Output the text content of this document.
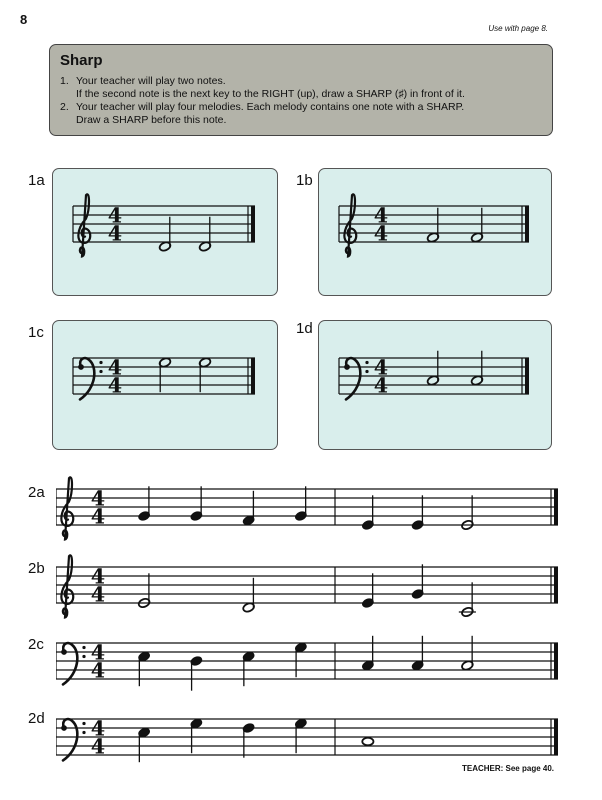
8
Use with page 8.
Sharp

1. Your teacher will play two notes.
If the second note is the next key to the RIGHT (up), draw a SHARP (♯) in front of it.

2. Your teacher will play four melodies. Each melody contains one note with a SHARP.
Draw a SHARP before this note.

1a
4
4
1b
4
4
1c
4
4
1d
4
4
2a 4
4
2b 4
4
2c 4
4
2d 4
4
TEACHER: See page 40.
